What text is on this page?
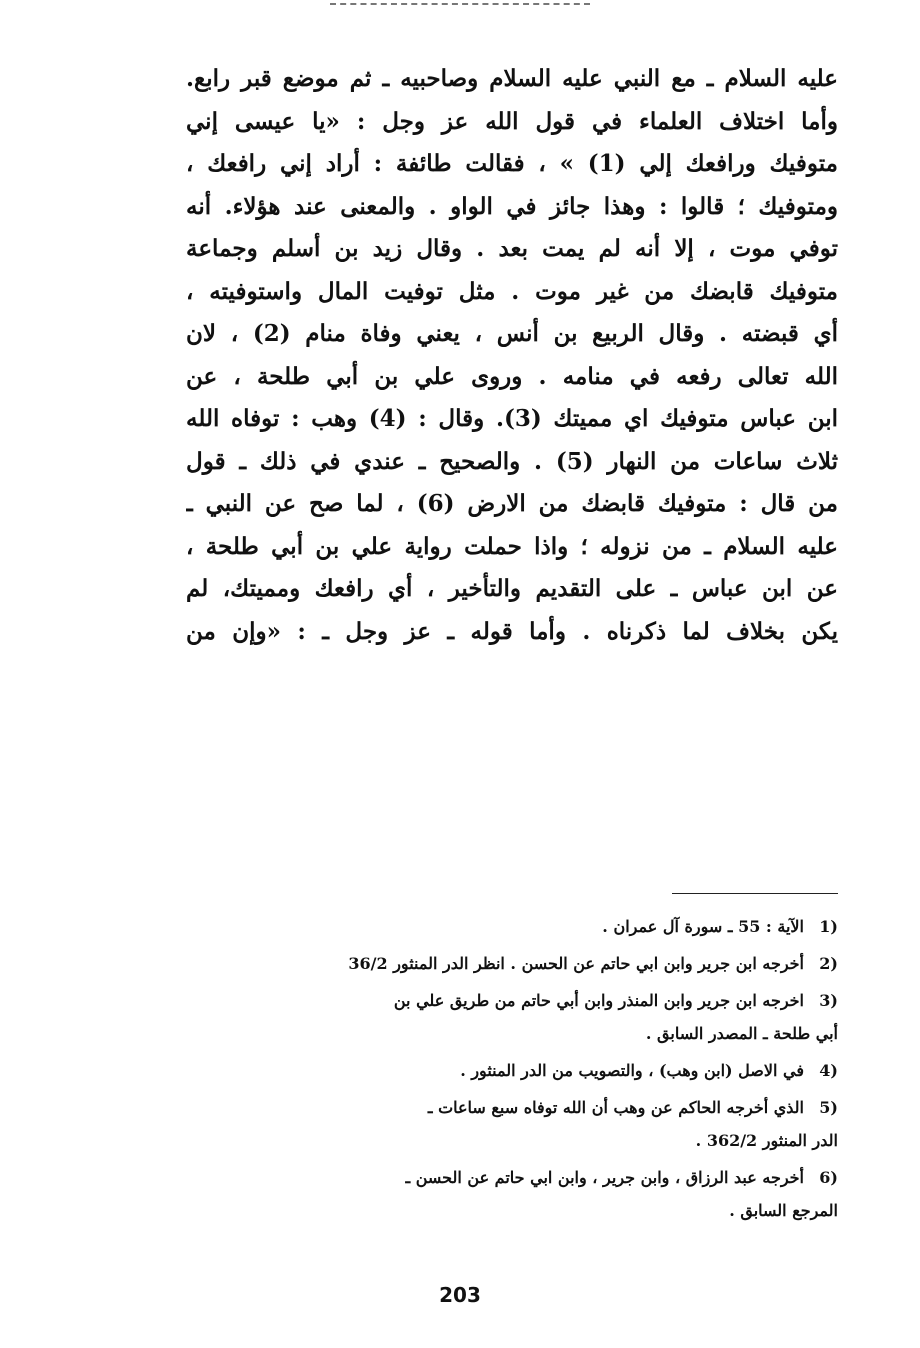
عليه السلام ـ مع النبي عليه السلام وصاحبيه ـ ثم موضع قبر رابع.
وأما اختلاف العلماء في قول الله عز وجل : «يا عيسى إني
متوفيك ورافعك إلي (1) » ، فقالت طائفة : أراد إني رافعك ،
ومتوفيك ؛ قالوا : وهذا جائز في الواو . والمعنى عند هؤلاء. أنه
توفي موت ، إلا أنه لم يمت بعد . وقال زيد بن أسلم وجماعة
متوفيك قابضك من غير موت . مثل توفيت المال واستوفيته ،
أي قبضته . وقال الربيع بن أنس ، يعني وفاة منام (2) ، لان
الله تعالى رفعه في منامه . وروى علي بن أبي طلحة ، عن
ابن عباس متوفيك اي مميتك (3). وقال : (4) وهب : توفاه الله
ثلاث ساعات من النهار (5) . والصحيح ـ عندي في ذلك ـ قول
من قال : متوفيك قابضك من الارض (6) ، لما صح عن النبي ـ
عليه السلام ـ من نزوله ؛ واذا حملت رواية علي بن أبي طلحة ،
عن ابن عباس ـ على التقديم والتأخير ، أي رافعك ومميتك، لم
يكن بخلاف لما ذكرناه . وأما قوله ـ عز وجل ـ : «وإن من
(1
الآية : 55 ـ سورة آل عمران .
(2
أخرجه ابن جرير وابن ابي حاتم عن الحسن . انظر الدر المنثور 36/2
(3
اخرجه ابن جرير وابن المنذر وابن أبي حاتم من طريق علي بن
أبي طلحة ـ المصدر السابق .
(4
في الاصل (ابن وهب) ، والتصويب من الدر المنثور .
(5
الذي أخرجه الحاكم عن وهب أن الله توفاه سبع ساعات ـ
الدر المنثور 362/2 .
(6
أخرجه عبد الرزاق ، وابن جرير ، وابن ابي حاتم عن الحسن ـ
المرجع السابق .
203
